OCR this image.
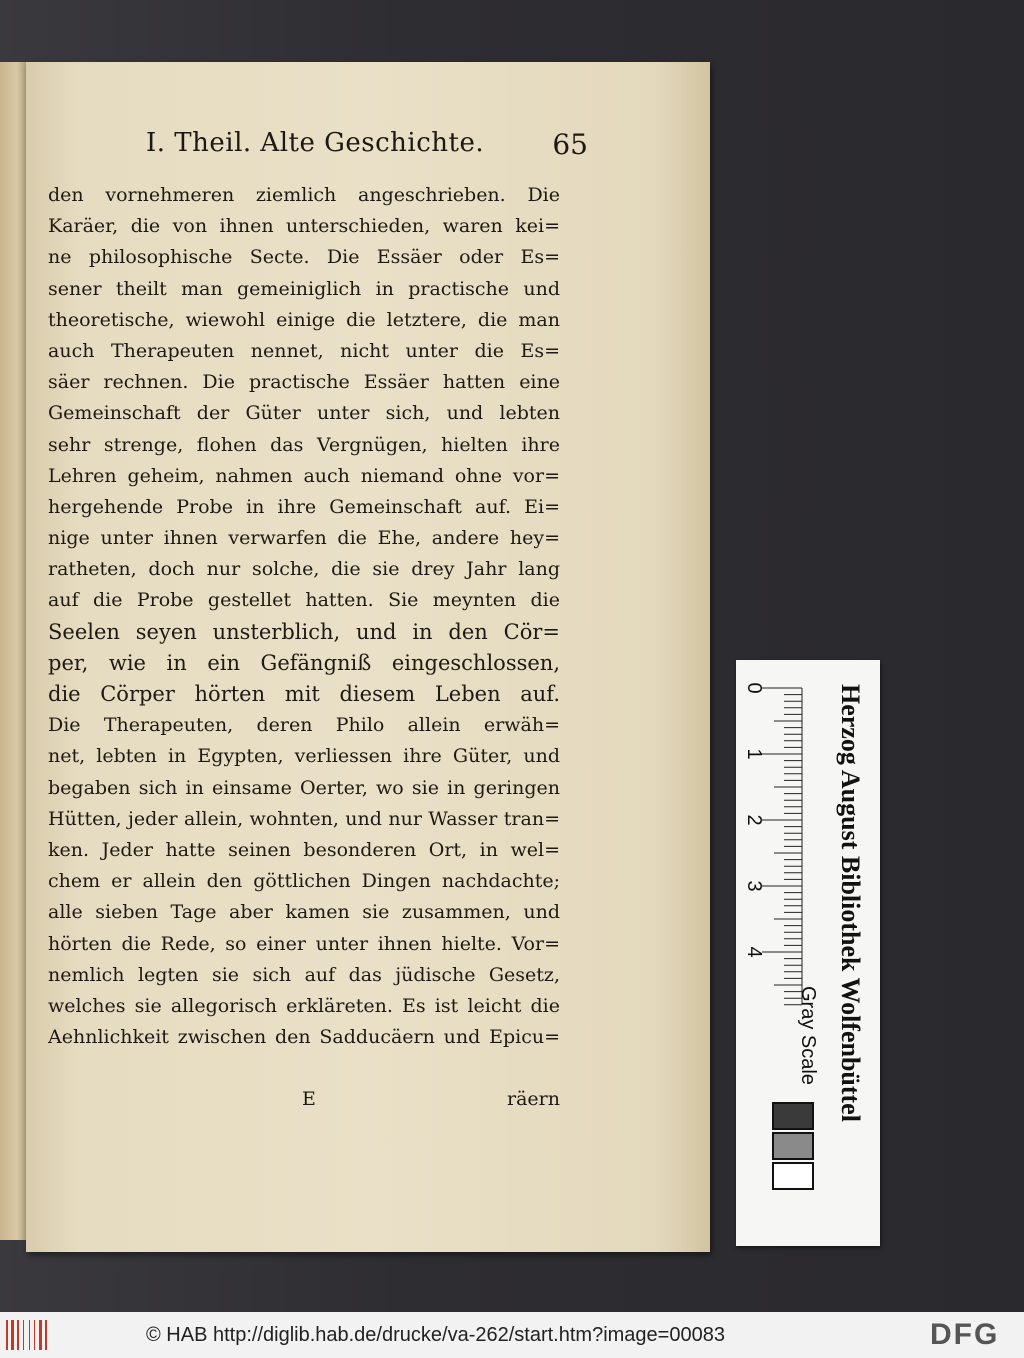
I. Theil. Alte Geschichte. 65
den vornehmeren ziemlich angeschrieben. Die
Karäer, die von ihnen unterschieden, waren kei=
ne philosophische Secte. Die Essäer oder Es=
sener theilt man gemeiniglich in practische und
theoretische, wiewohl einige die letztere, die man
auch Therapeuten nennet, nicht unter die Es=
säer rechnen. Die practische Essäer hatten eine
Gemeinschaft der Güter unter sich, und lebten
sehr strenge, flohen das Vergnügen, hielten ihre
Lehren geheim, nahmen auch niemand ohne vor=
hergehende Probe in ihre Gemeinschaft auf. Ei=
nige unter ihnen verwarfen die Ehe, andere hey=
ratheten, doch nur solche, die sie drey Jahr lang
auf die Probe gestellet hatten. Sie meynten die
Seelen seyen unsterblich, und in den Cör=
per, wie in ein Gefängniß eingeschlossen,
die Cörper hörten mit diesem Leben auf.
Die Therapeuten, deren Philo allein erwäh=
net, lebten in Egypten, verliessen ihre Güter, und
begaben sich in einsame Oerter, wo sie in geringen
Hütten, jeder allein, wohnten, und nur Wasser tran=
ken. Jeder hatte seinen besonderen Ort, in wel=
chem er allein den göttlichen Dingen nachdachte;
alle sieben Tage aber kamen sie zusammen, und
hörten die Rede, so einer unter ihnen hielte. Vor=
nemlich legten sie sich auf das jüdische Gesetz,
welches sie allegorisch erkläreten. Es ist leicht die
Aehnlichkeit zwischen den Sadducäern und Epicu=
E	räern
0
1
2
3
4	Herzog August Bibliothek Wolfenbüttel
Gray Scale
© HAB http://diglib.hab.de/drucke/va-262/start.htm?image=00083	DFG
